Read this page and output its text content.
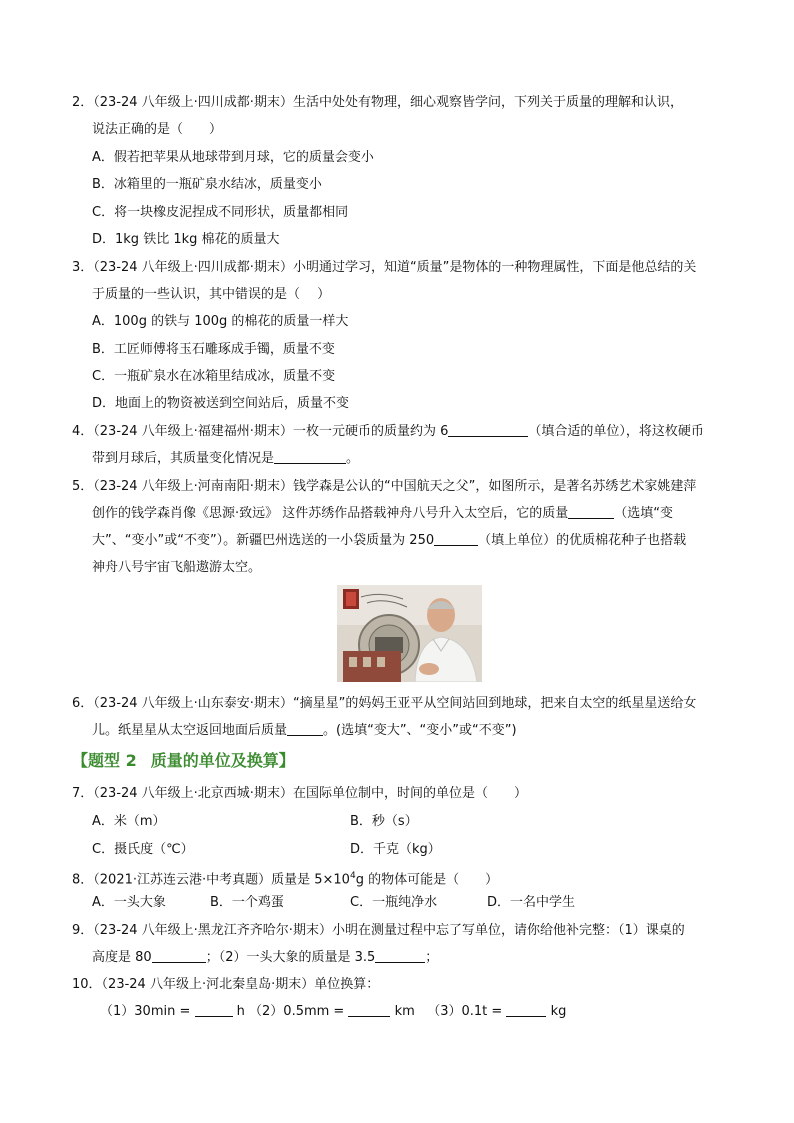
2．（23-24 八年级上·四川成都·期末）生活中处处有物理，细心观察皆学问，下列关于质量的理解和认识，
说法正确的是（　　）
A．假若把苹果从地球带到月球，它的质量会变小
B．冰箱里的一瓶矿泉水结冰，质量变小
C．将一块橡皮泥捏成不同形状，质量都相同
D．1kg 铁比 1kg 棉花的质量大
3．（23-24 八年级上·四川成都·期末）小明通过学习，知道“质量”是物体的一种物理属性，下面是他总结的关
于质量的一些认识，其中错误的是（　 ）
A．100g 的铁与 100g 的棉花的质量一样大
B．工匠师傅将玉石雕琢成手镯，质量不变
C．一瓶矿泉水在冰箱里结成冰，质量不变
D．地面上的物资被送到空间站后，质量不变
4．（23-24 八年级上·福建福州·期末）一枚一元硬币的质量约为 6	（填合适的单位），将这枚硬币
带到月球后，其质量变化情况是	。
5．（23-24 八年级上·河南南阳·期末）钱学森是公认的“中国航天之父”，如图所示，是著名苏绣艺术家姚建萍
创作的钱学森肖像《思源·致远》 这件苏绣作品搭载神舟八号升入太空后，它的质量	（选填“变
大”、“变小”或“不变”）。新疆巴州选送的一小袋质量为 250	（填上单位）的优质棉花种子也搭载
神舟八号宇宙飞船遨游太空。
6．（23-24 八年级上·山东泰安·期末）“摘星星”的妈妈王亚平从空间站回到地球，把来自太空的纸星星送给女
儿。纸星星从太空返回地面后质量	。(选填“变大”、“变小”或“不变”)
【题型 2 质量的单位及换算】
7．（23-24 八年级上·北京西城·期末）在国际单位制中，时间的单位是（　　）
A．米（m）	B．秒（s）
C．摄氏度（℃）	D．千克（kg）
8．（2021·江苏连云港·中考真题）质量是 $5\times 10^4g$ 的物体可能是（　　）
A．一头大象	B．一个鸡蛋	C．一瓶纯净水	D．一名中学生
9．（23-24 八年级上·黑龙江齐齐哈尔·期末）小明在测量过程中忘了写单位，请你给他补完整：（1）课桌的
高度是 80	；（2）一头大象的质量是 3.5	；
10．（23-24 八年级上·河北秦皇岛·期末）单位换算：
（1）30min =	h （2）0.5mm =	km （3）0.1t =	kg
